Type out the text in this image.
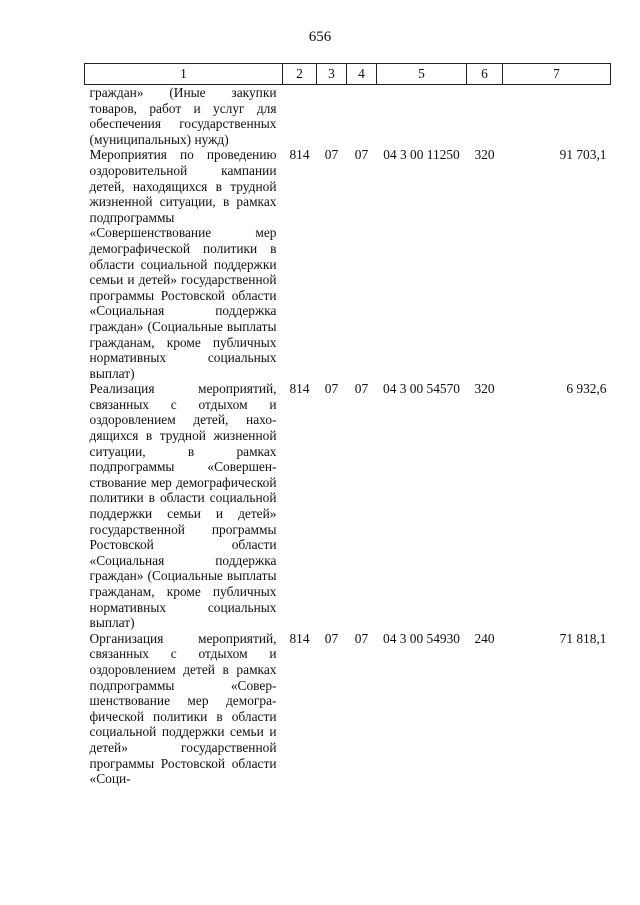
656
1	2	3	4	5	6	7

граждан» (Иные закупки товаров, работ и услуг для обеспечения государственных (муниципальных) нужд)						

Мероприятия по проведению оздоровительной кампании детей, находящихся в трудной жизненной ситуации, в рамках подпрограммы «Совершенствование мер демографической политики в области социальной поддержки семьи и детей» государственной программы Ростовской области «Социальная поддержка граждан» (Социальные выплаты гражданам, кроме публичных нормативных социальных выплат)	814	07	07	04 3 00 11250	320	91 703,1

Реализация мероприятий, связанных с отдыхом и оздоровлением детей, находящихся в трудной жизненной ситуации, в рамках подпрограммы «Совершенствование мер демографической политики в области социальной поддержки семьи и детей» государственной программы Ростовской области «Социальная поддержка граждан» (Социальные выплаты гражданам, кроме публичных нормативных социальных выплат)	814	07	07	04 3 00 54570	320	6 932,6

Организация мероприятий, связанных с отдыхом и оздоровлением детей в рамках подпрограммы «Совершенствование мер демографической политики в области социальной поддержки семьи и детей» государственной программы Ростовской области «Соци-	814	07	07	04 3 00 54930	240	71 818,1
